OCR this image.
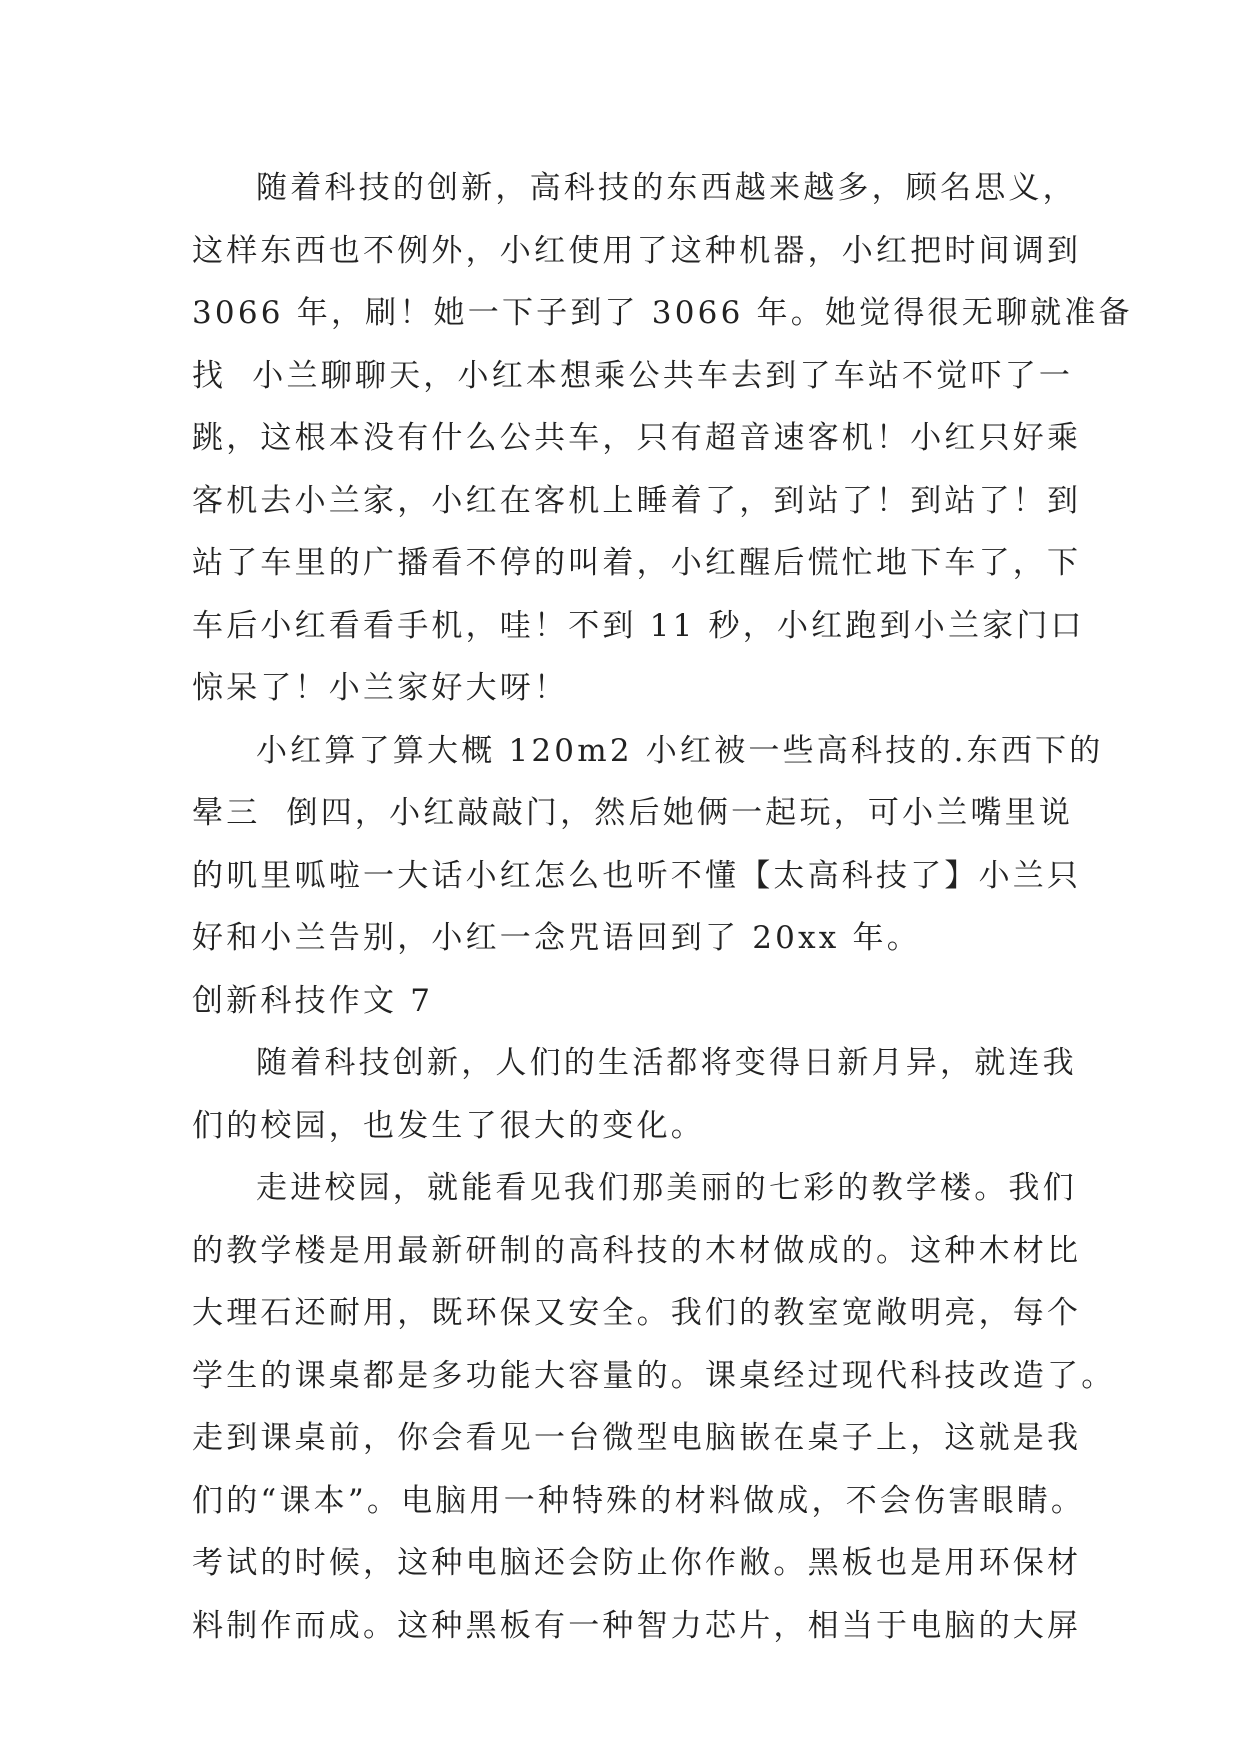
随着科技的创新，高科技的东西越来越多，顾名思义，
这样东西也不例外，小红使用了这种机器，小红把时间调到
3066 年，刷！她一下子到了 3066 年。她觉得很无聊就准备
找  小兰聊聊天，小红本想乘公共车去到了车站不觉吓了一
跳，这根本没有什么公共车，只有超音速客机！小红只好乘
客机去小兰家，小红在客机上睡着了，到站了！到站了！到
站了车里的广播看不停的叫着，小红醒后慌忙地下车了，下
车后小红看看手机，哇！不到 11 秒，小红跑到小兰家门口
惊呆了！小兰家好大呀！
小红算了算大概 120m2 小红被一些高科技的.东西下的
晕三  倒四，小红敲敲门，然后她俩一起玩，可小兰嘴里说
的叽里呱啦一大话小红怎么也听不懂【太高科技了】小兰只
好和小兰告别，小红一念咒语回到了 20xx 年。
创新科技作文 7
随着科技创新，人们的生活都将变得日新月异，就连我
们的校园，也发生了很大的变化。
走进校园，就能看见我们那美丽的七彩的教学楼。我们
的教学楼是用最新研制的高科技的木材做成的。这种木材比
大理石还耐用，既环保又安全。我们的教室宽敞明亮，每个
学生的课桌都是多功能大容量的。课桌经过现代科技改造了。
走到课桌前，你会看见一台微型电脑嵌在桌子上，这就是我
们的“课本”。电脑用一种特殊的材料做成，不会伤害眼睛。
考试的时候，这种电脑还会防止你作敝。黑板也是用环保材
料制作而成。这种黑板有一种智力芯片，相当于电脑的大屏
